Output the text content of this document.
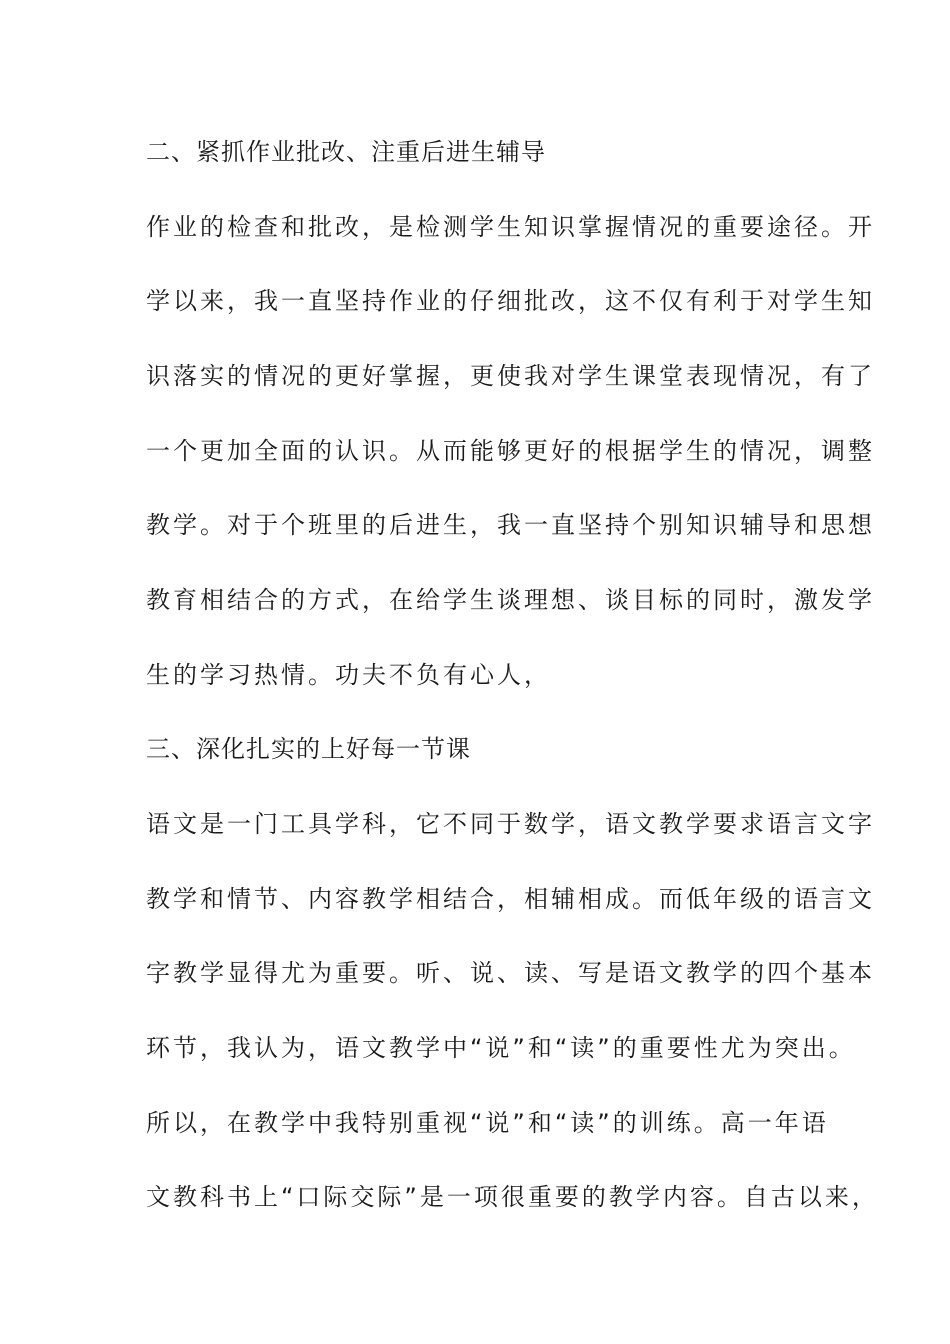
二、紧抓作业批改、注重后进生辅导
作业的检查和批改，是检测学生知识掌握情况的重要途径。开
学以来，我一直坚持作业的仔细批改，这不仅有利于对学生知
识落实的情况的更好掌握，更使我对学生课堂表现情况，有了
一个更加全面的认识。从而能够更好的根据学生的情况，调整
教学。对于个班里的后进生，我一直坚持个别知识辅导和思想
教育相结合的方式，在给学生谈理想、谈目标的同时，激发学
生的学习热情。功夫不负有心人，
三、深化扎实的上好每一节课
语文是一门工具学科，它不同于数学，语文教学要求语言文字
教学和情节、内容教学相结合，相辅相成。而低年级的语言文
字教学显得尤为重要。听、说、读、写是语文教学的四个基本
环节，我认为，语文教学中“说”和“读”的重要性尤为突出。
所以，在教学中我特别重视“说”和“读”的训练。高一年语
文教科书上“口际交际”是一项很重要的教学内容。自古以来，
